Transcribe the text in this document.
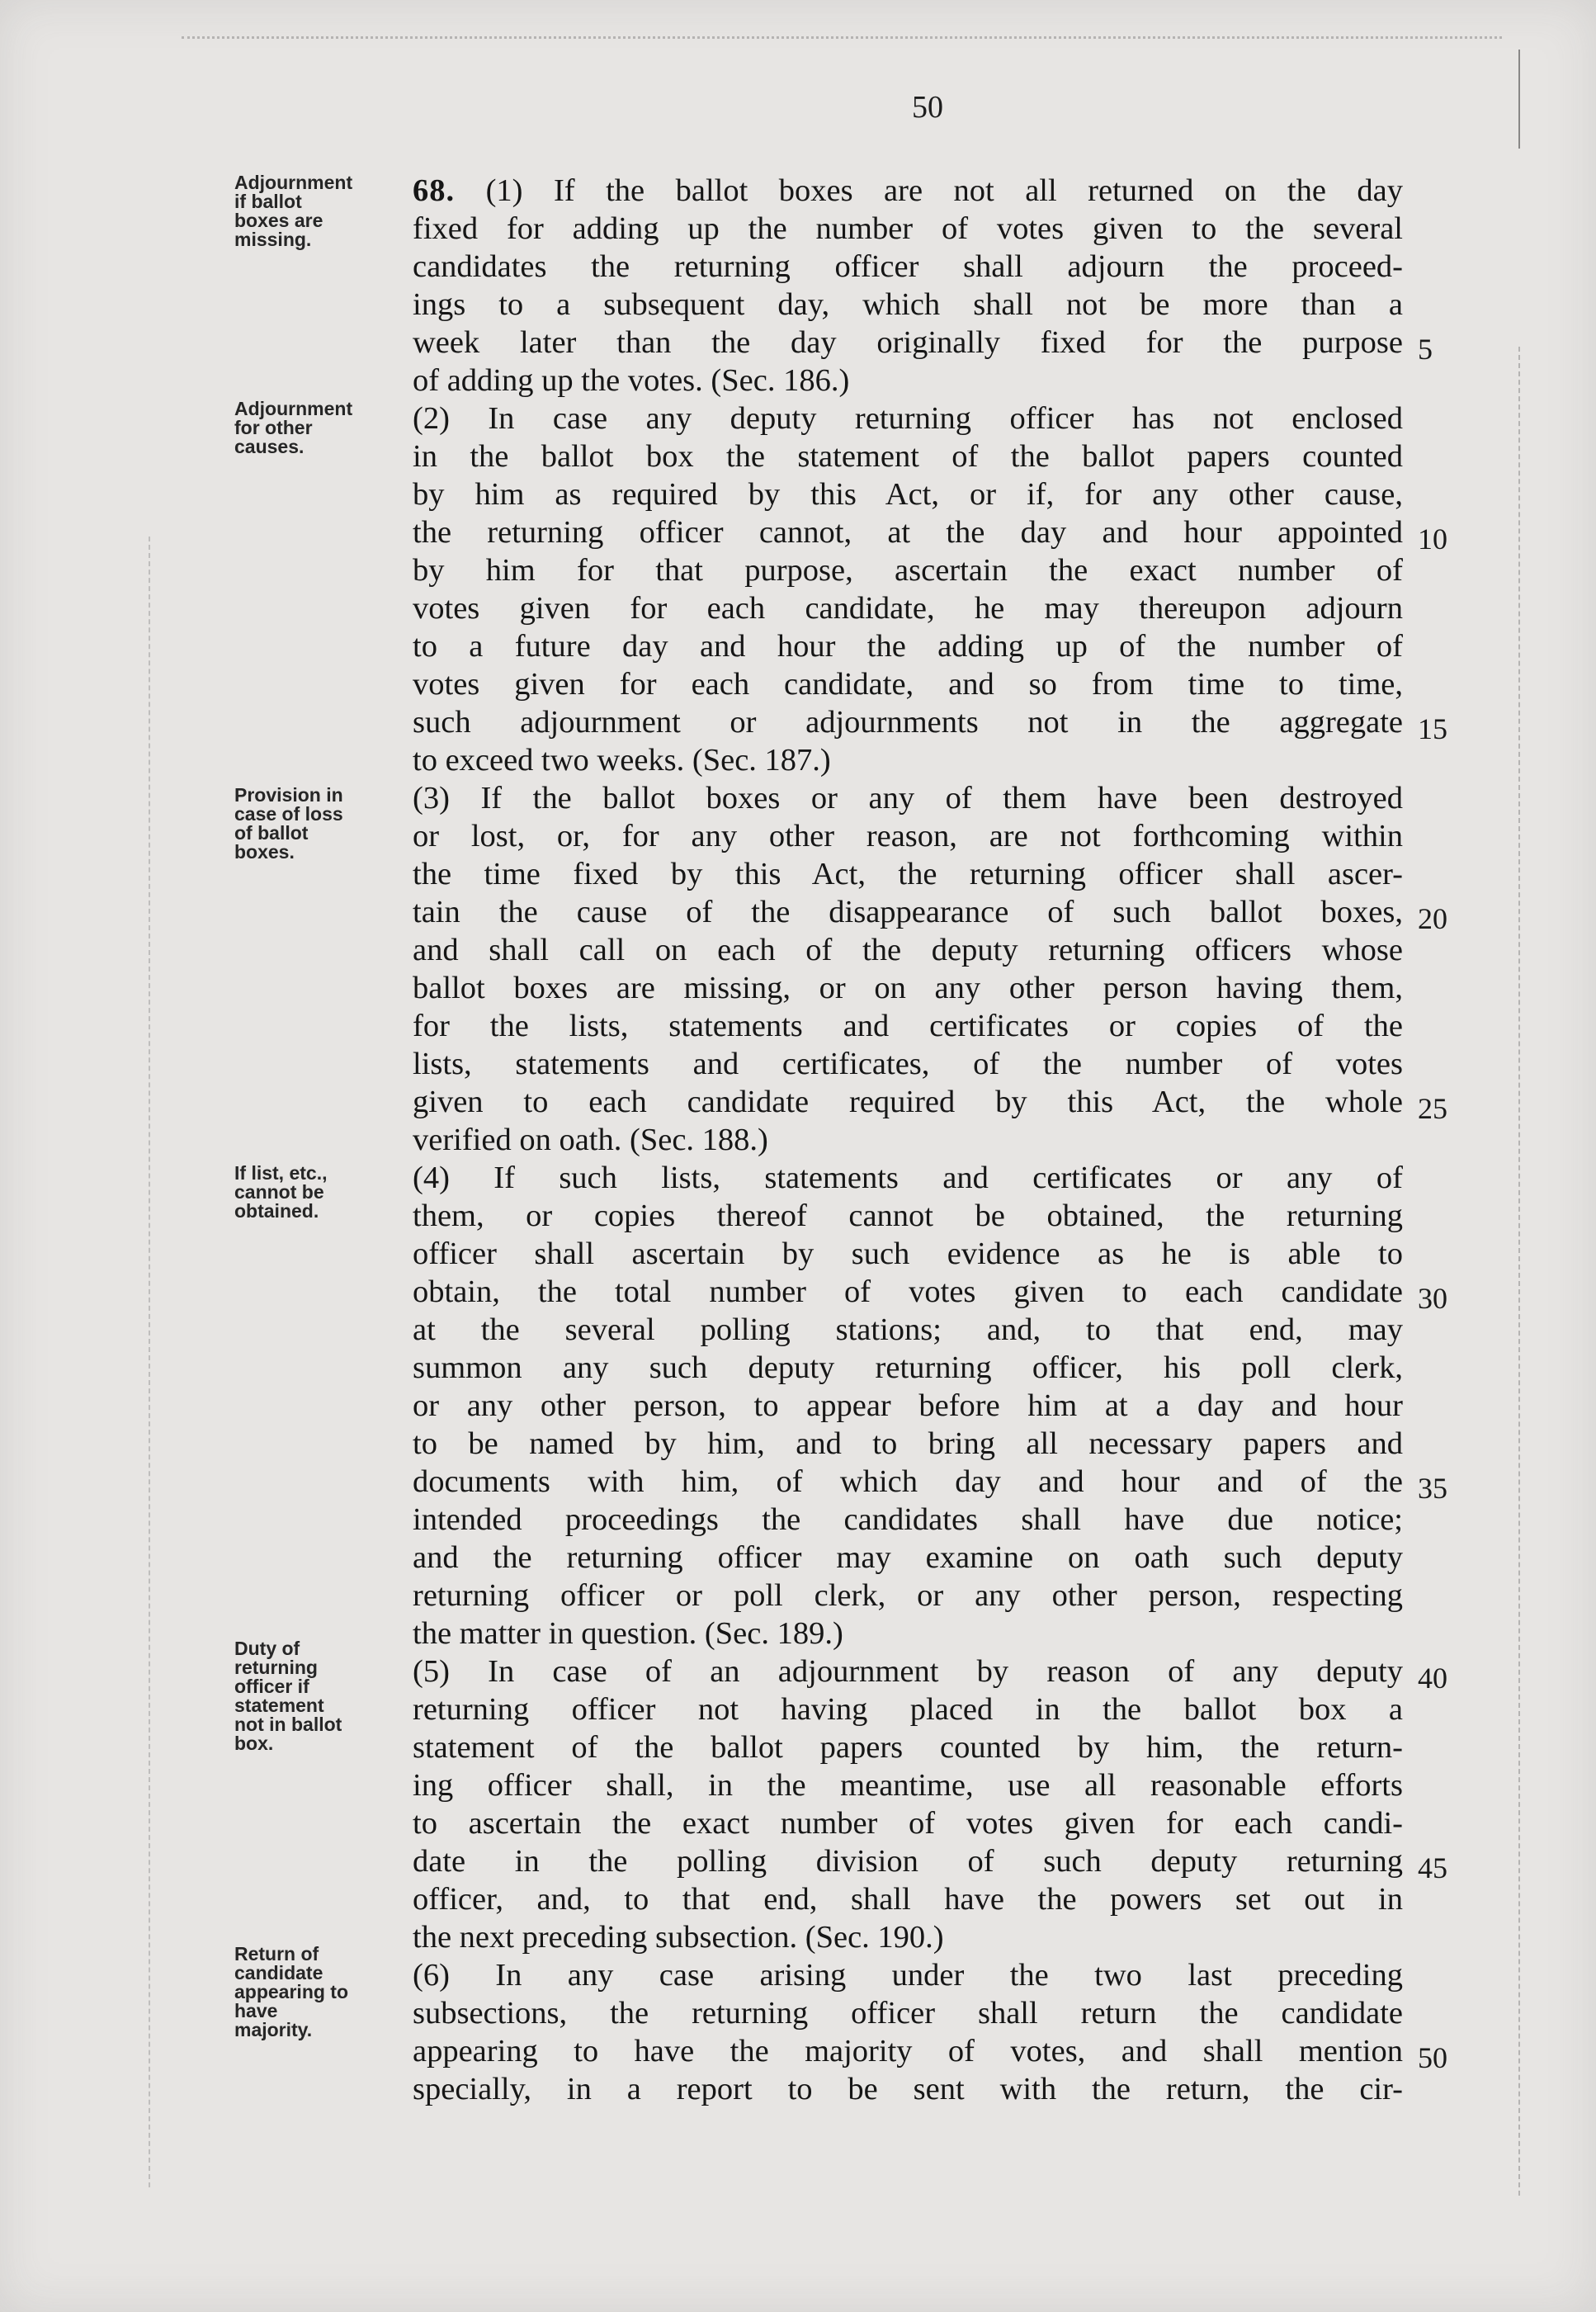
50
Adjournment
if ballot
boxes are
missing.
Adjournment
for other
causes.
Provision in
case of loss
of ballot
boxes.
If list, etc.,
cannot be
obtained.
Duty of
returning
officer if
statement
not in ballot
box.
Return of
candidate
appearing to
have
majority.
68. (1) If the ballot boxes are not all returned on the day
fixed for adding up the number of votes given to the several
candidates the returning officer shall adjourn the proceed-
ings to a subsequent day, which shall not be more than a
week later than the day originally fixed for the purpose
of adding up the votes. (Sec. 186.)
(2) In case any deputy returning officer has not enclosed
in the ballot box the statement of the ballot papers counted
by him as required by this Act, or if, for any other cause,
the returning officer cannot, at the day and hour appointed
by him for that purpose, ascertain the exact number of
votes given for each candidate, he may thereupon adjourn
to a future day and hour the adding up of the number of
votes given for each candidate, and so from time to time,
such adjournment or adjournments not in the aggregate
to exceed two weeks. (Sec. 187.)
(3) If the ballot boxes or any of them have been destroyed
or lost, or, for any other reason, are not forthcoming within
the time fixed by this Act, the returning officer shall ascer-
tain the cause of the disappearance of such ballot boxes,
and shall call on each of the deputy returning officers whose
ballot boxes are missing, or on any other person having them,
for the lists, statements and certificates or copies of the
lists, statements and certificates, of the number of votes
given to each candidate required by this Act, the whole
verified on oath. (Sec. 188.)
(4) If such lists, statements and certificates or any of
them, or copies thereof cannot be obtained, the returning
officer shall ascertain by such evidence as he is able to
obtain, the total number of votes given to each candidate
at the several polling stations; and, to that end, may
summon any such deputy returning officer, his poll clerk,
or any other person, to appear before him at a day and hour
to be named by him, and to bring all necessary papers and
documents with him, of which day and hour and of the
intended proceedings the candidates shall have due notice;
and the returning officer may examine on oath such deputy
returning officer or poll clerk, or any other person, respecting
the matter in question. (Sec. 189.)
(5) In case of an adjournment by reason of any deputy
returning officer not having placed in the ballot box a
statement of the ballot papers counted by him, the return-
ing officer shall, in the meantime, use all reasonable efforts
to ascertain the exact number of votes given for each candi-
date in the polling division of such deputy returning
officer, and, to that end, shall have the powers set out in
the next preceding subsection. (Sec. 190.)
(6) In any case arising under the two last preceding
subsections, the returning officer shall return the candidate
appearing to have the majority of votes, and shall mention
specially, in a report to be sent with the return, the cir-
5
10
15
20
25
30
35
40
45
50
